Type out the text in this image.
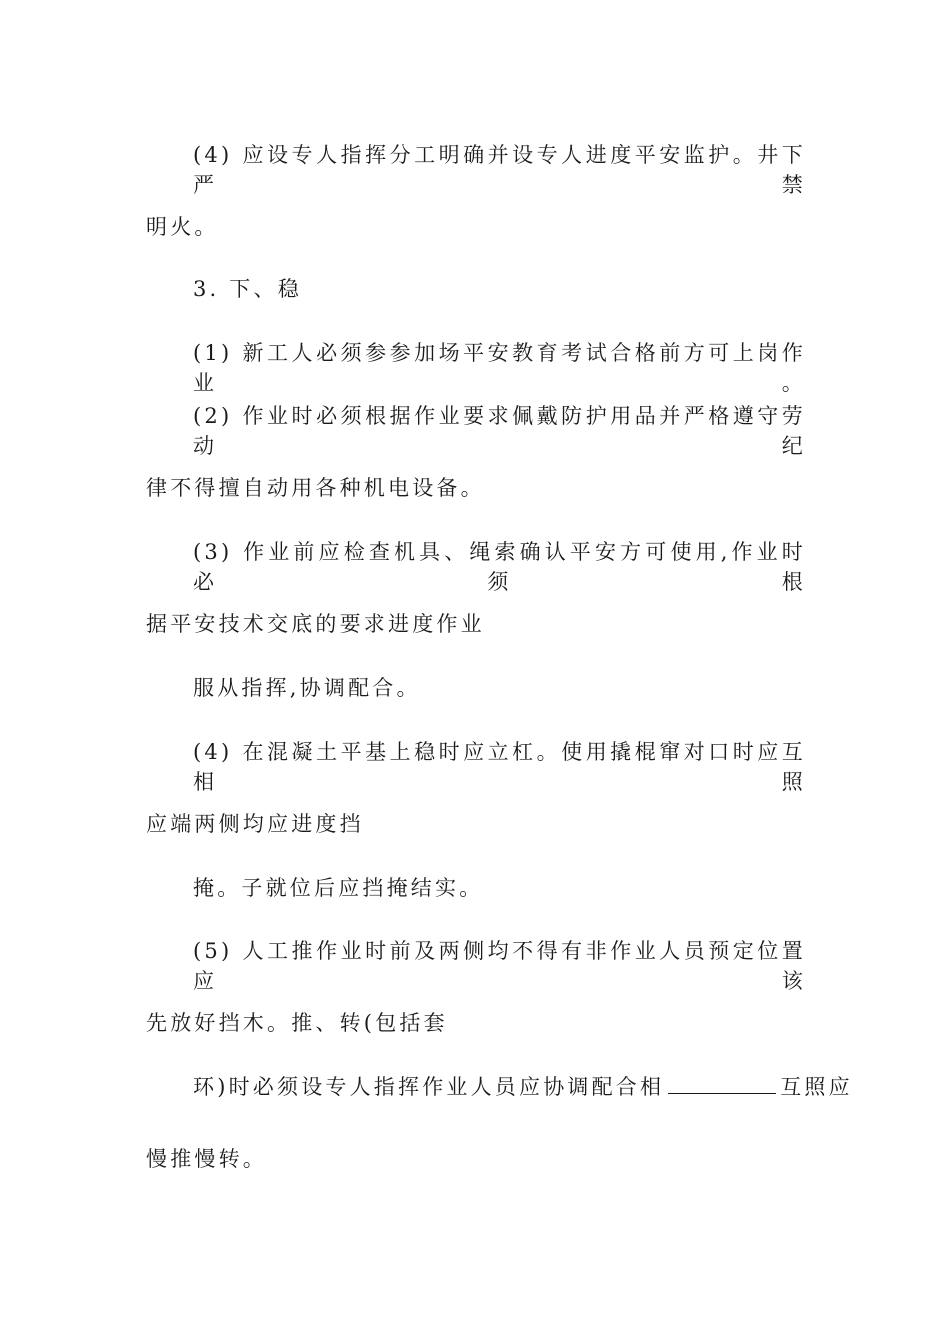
(4) 应设专人指挥分工明确并设专人进度平安监护。井下严禁
明火。
3. 下、稳
(1) 新工人必须参参加场平安教育考试合格前方可上岗作业。
(2) 作业时必须根据作业要求佩戴防护用品并严格遵守劳动纪
律不得擅自动用各种机电设备。
(3) 作业前应检查机具、绳索确认平安方可使用,作业时必须根
据平安技术交底的要求进度作业
服从指挥,协调配合。
(4) 在混凝土平基上稳时应立杠。使用撬棍窜对口时应互相照
应端两侧均应进度挡
掩。子就位后应挡掩结实。
(5) 人工推作业时前及两侧均不得有非作业人员预定位置应该
先放好挡木。推、转(包括套
环)时必须设专人指挥作业人员应协调配合相	互照应
慢推慢转。
